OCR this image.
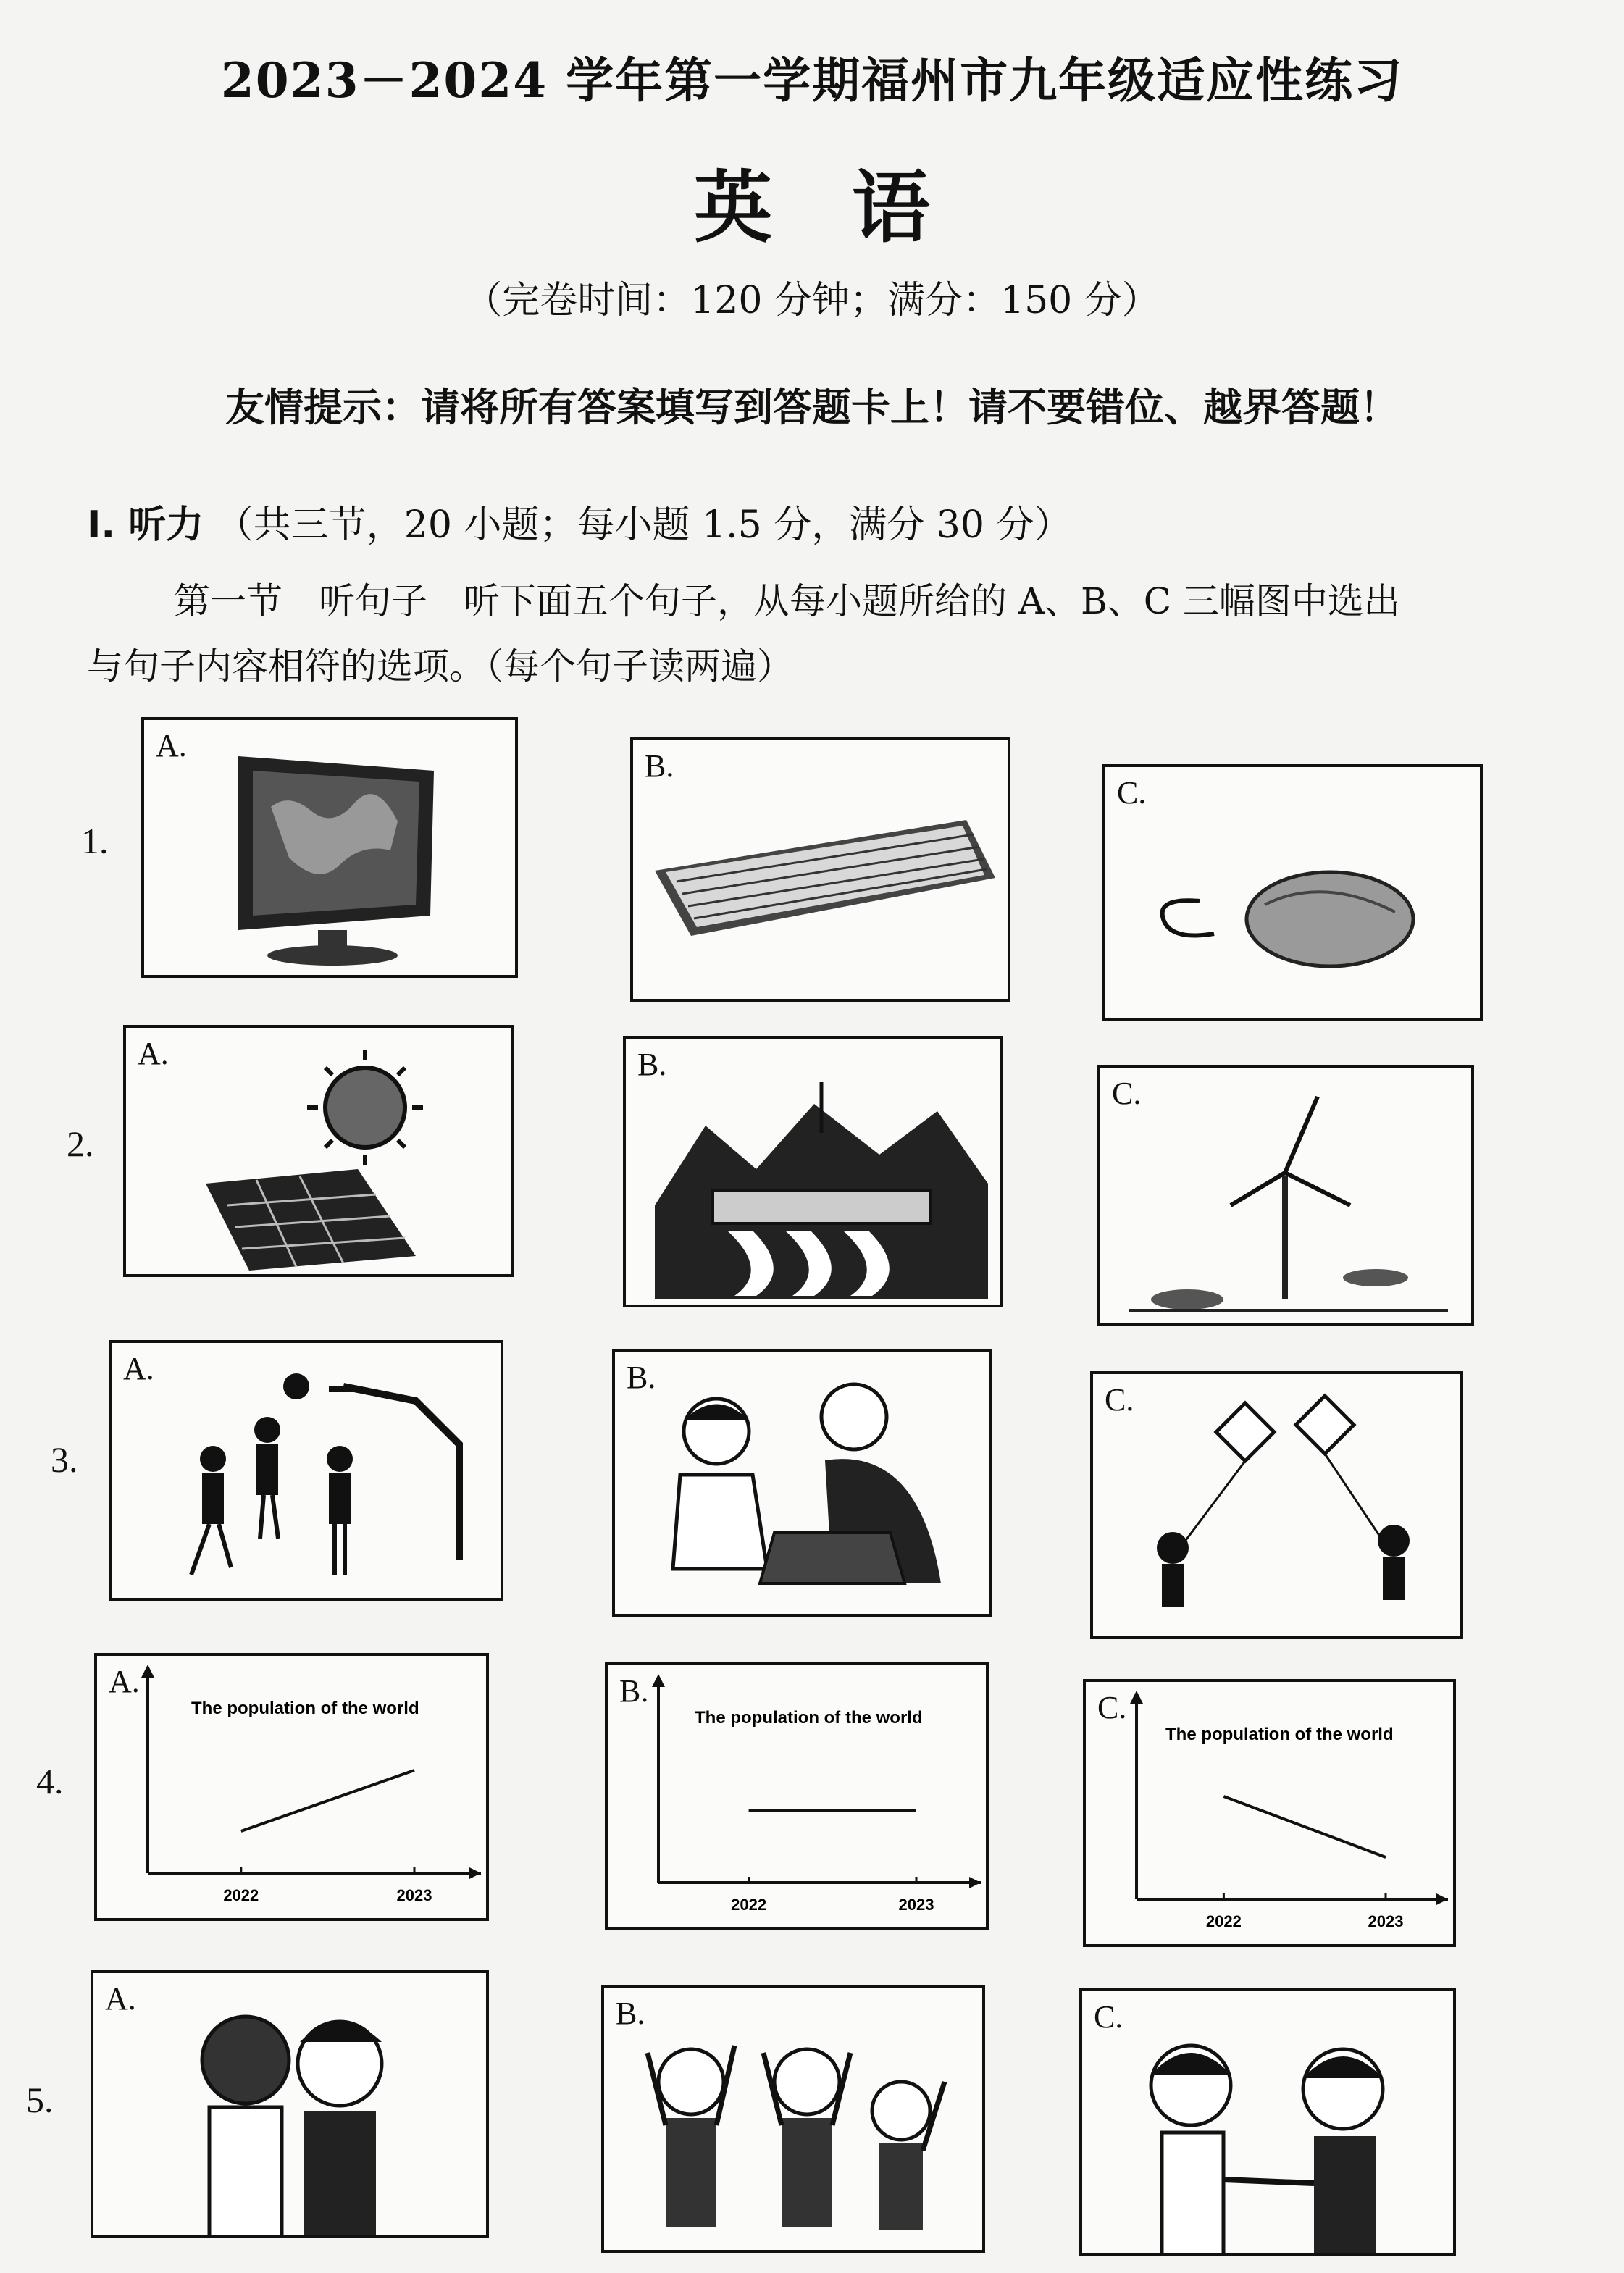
2023－2024 学年第一学期福州市九年级适应性练习
英语
（完卷时间：120 分钟；满分：150 分）
友情提示：请将所有答案填写到答题卡上！请不要错位、越界答题！
I. 听力 （共三节，20 小题；每小题 1.5 分，满分 30 分）
第一节　听句子　听下面五个句子，从每小题所给的 A、B、C 三幅图中选出
与句子内容相符的选项。（每个句子读两遍）
1.
2.
3.
4.
5.
A.
B.
C.
A.	B.
C.
A.	B.
C.
The population of the world
2022	2023
A.
The population of the world
2022	2023
B.
The population of the world
2022	2023
C.
A.	B.	C.
